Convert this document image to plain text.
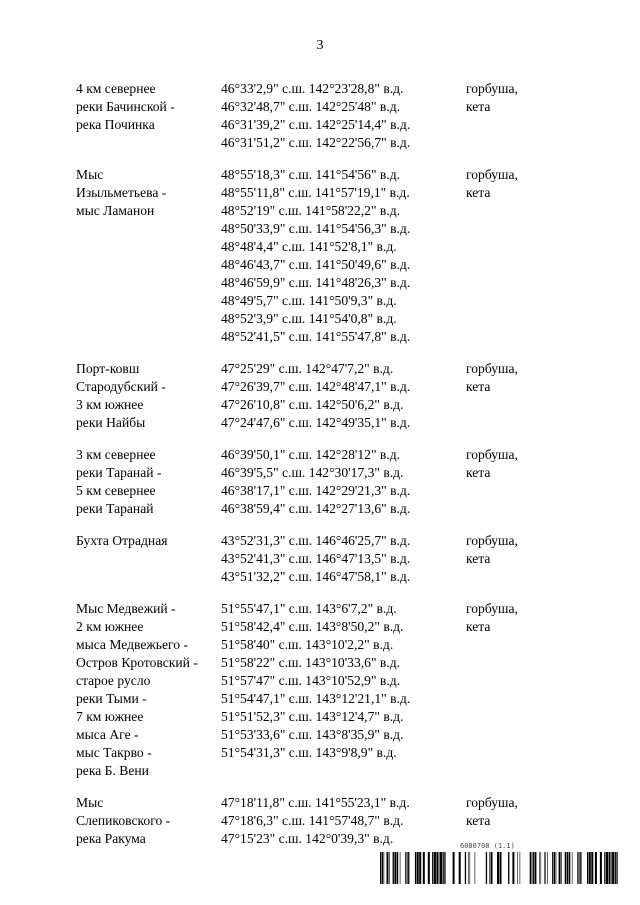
3
4 км севернее
реки Бачинской -
река Починка
46°33'2,9" с.ш. 142°23'28,8" в.д.
46°32'48,7" с.ш. 142°25'48" в.д.
46°31'39,2" с.ш. 142°25'14,4" в.д.
46°31'51,2" с.ш. 142°22'56,7" в.д.
горбуша,
кета
Мыс
Изыльметьева -
мыс Ламанон
48°55'18,3" с.ш. 141°54'56" в.д.
48°55'11,8" с.ш. 141°57'19,1" в.д.
48°52'19" с.ш. 141°58'22,2" в.д.
48°50'33,9" с.ш. 141°54'56,3" в.д.
48°48'4,4" с.ш. 141°52'8,1" в.д.
48°46'43,7" с.ш. 141°50'49,6" в.д.
48°46'59,9" с.ш. 141°48'26,3" в.д.
48°49'5,7" с.ш. 141°50'9,3" в.д.
48°52'3,9" с.ш. 141°54'0,8" в.д.
48°52'41,5" с.ш. 141°55'47,8" в.д.
горбуша,
кета
Порт-ковш
Стародубский -
3 км южнее
реки Найбы
47°25'29" с.ш. 142°47'7,2" в.д.
47°26'39,7" с.ш. 142°48'47,1" в.д.
47°26'10,8" с.ш. 142°50'6,2" в.д.
47°24'47,6" с.ш. 142°49'35,1" в.д.
горбуша,
кета
3 км севернее
реки Таранай -
5 км севернее
реки Таранай
46°39'50,1" с.ш. 142°28'12" в.д.
46°39'5,5" с.ш. 142°30'17,3" в.д.
46°38'17,1" с.ш. 142°29'21,3" в.д.
46°38'59,4" с.ш. 142°27'13,6" в.д.
горбуша,
кета
Бухта Отрадная	43°52'31,3" с.ш. 146°46'25,7" в.д.
43°52'41,3" с.ш. 146°47'13,5" в.д.
43°51'32,2" с.ш. 146°47'58,1" в.д.
горбуша,
кета
Мыс Медвежий -
2 км южнее
мыса Медвежьего -
Остров Кротовский -
старое русло
реки Тыми -
7 км южнее
мыса Аге -
мыс Такрво -
река Б. Вени
51°55'47,1" с.ш. 143°6'7,2" в.д.
51°58'42,4" с.ш. 143°8'50,2" в.д.
51°58'40" с.ш. 143°10'2,2" в.д.
51°58'22" с.ш. 143°10'33,6" в.д.
51°57'47" с.ш. 143°10'52,9" в.д.
51°54'47,1" с.ш. 143°12'21,1" в.д.
51°51'52,3" с.ш. 143°12'4,7" в.д.
51°53'33,6" с.ш. 143°8'35,9" в.д.
51°54'31,3" с.ш. 143°9'8,9" в.д.
горбуша,
кета
Мыс
Слепиковского -
река Ракума
47°18'11,8" с.ш. 141°55'23,1" в.д.
47°18'6,3" с.ш. 141°57'48,7" в.д.
47°15'23" с.ш. 142°0'39,3" в.д.
горбуша,
кета
6080708 (1.1)
